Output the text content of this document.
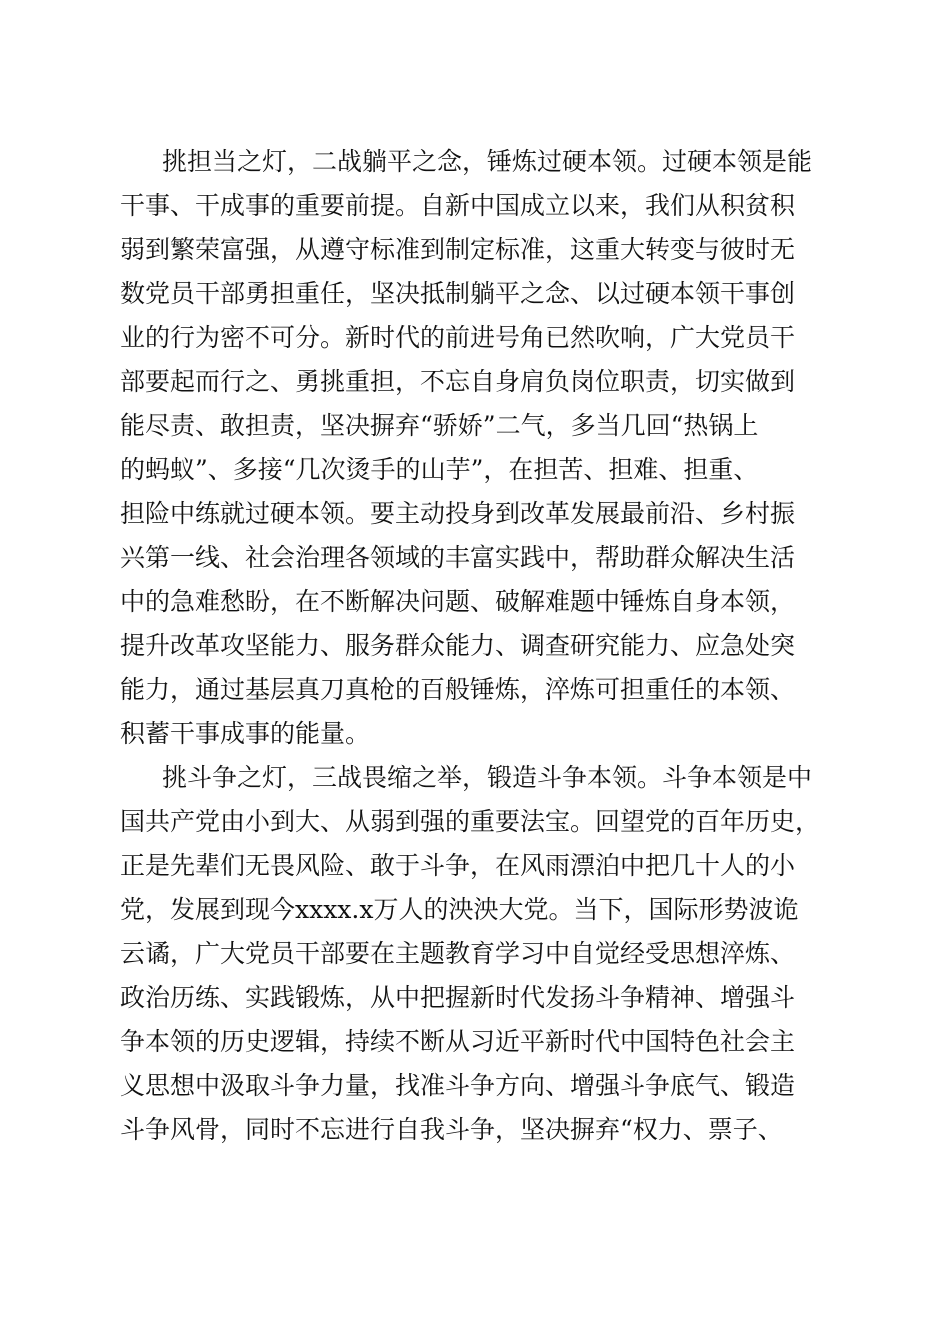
挑担当之灯，二战躺平之念，锤炼过硬本领。过硬本领是能
干事、干成事的重要前提。自新中国成立以来，我们从积贫积
弱到繁荣富强，从遵守标准到制定标准，这重大转变与彼时无
数党员干部勇担重任，坚决抵制躺平之念、以过硬本领干事创
业的行为密不可分。新时代的前进号角已然吹响，广大党员干
部要起而行之、勇挑重担，不忘自身肩负岗位职责，切实做到
能尽责、敢担责，坚决摒弃“骄娇”二气，多当几回“热锅上
的蚂蚁”、多接“几次烫手的山芋”，在担苦、担难、担重、
担险中练就过硬本领。要主动投身到改革发展最前沿、乡村振
兴第一线、社会治理各领域的丰富实践中，帮助群众解决生活
中的急难愁盼，在不断解决问题、破解难题中锤炼自身本领，
提升改革攻坚能力、服务群众能力、调查研究能力、应急处突
能力，通过基层真刀真枪的百般锤炼，淬炼可担重任的本领、
积蓄干事成事的能量。
挑斗争之灯，三战畏缩之举，锻造斗争本领。斗争本领是中
国共产党由小到大、从弱到强的重要法宝。回望党的百年历史，
正是先辈们无畏风险、敢于斗争，在风雨漂泊中把几十人的小
党，发展到现今xxxx.x万人的泱泱大党。当下，国际形势波诡
云谲，广大党员干部要在主题教育学习中自觉经受思想淬炼、
政治历练、实践锻炼，从中把握新时代发扬斗争精神、增强斗
争本领的历史逻辑，持续不断从习近平新时代中国特色社会主
义思想中汲取斗争力量，找准斗争方向、增强斗争底气、锻造
斗争风骨，同时不忘进行自我斗争，坚决摒弃“权力、票子、
